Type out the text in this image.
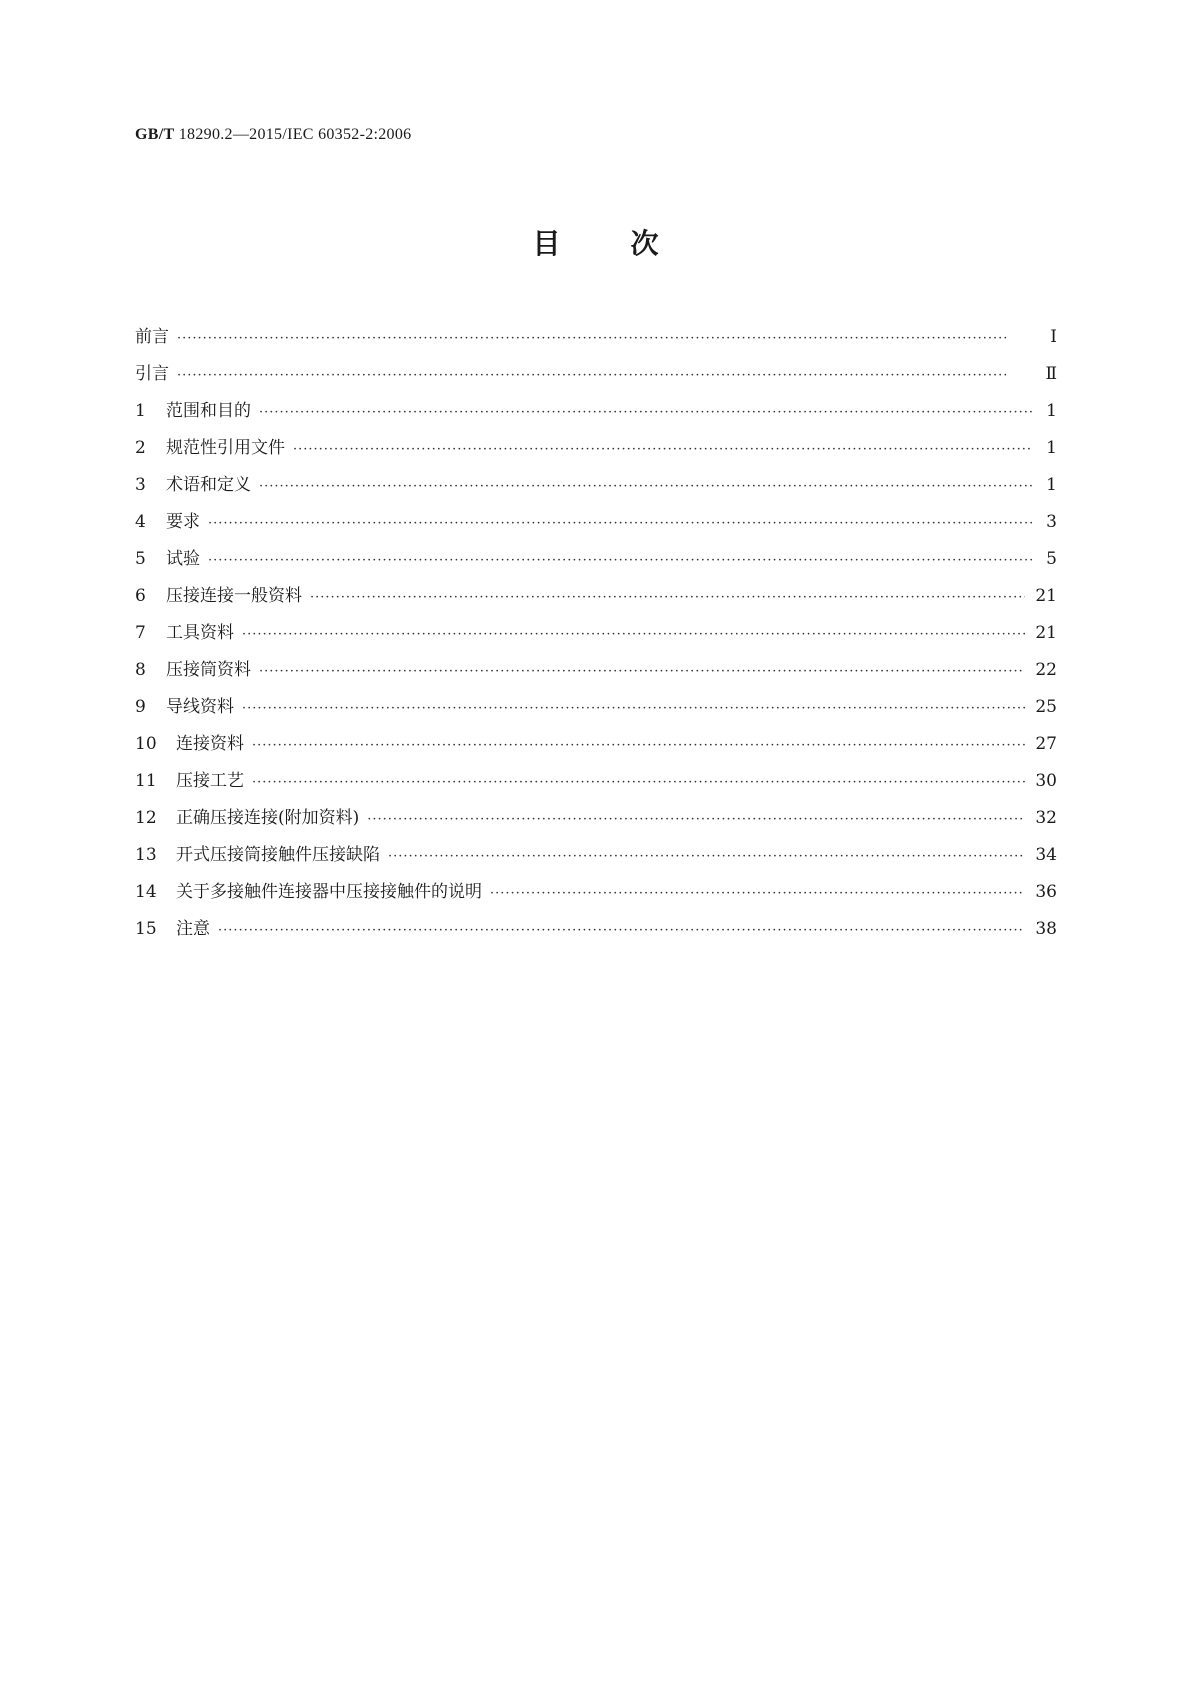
GB/T 18290.2—2015/IEC 60352-2:2006
目	次
前言 ·····	Ⅰ
引言 ·····	Ⅱ
1	范围和目的 ·····	1
2	规范性引用文件 ·····	1
3	术语和定义 ·····	1
4	要求 ·····	3
5	试验 ·····	5
6	压接连接一般资料 ·····	21
7	工具资料 ·····	21
8	压接筒资料 ·····	22
9	导线资料 ·····	25
10	连接资料 ·····	27
11	压接工艺 ·····	30
12	正确压接连接(附加资料) ·····	32
13	开式压接筒接触件压接缺陷 ·····	34
14	关于多接触件连接器中压接接触件的说明 ·····	36
15	注意 ·····	38
